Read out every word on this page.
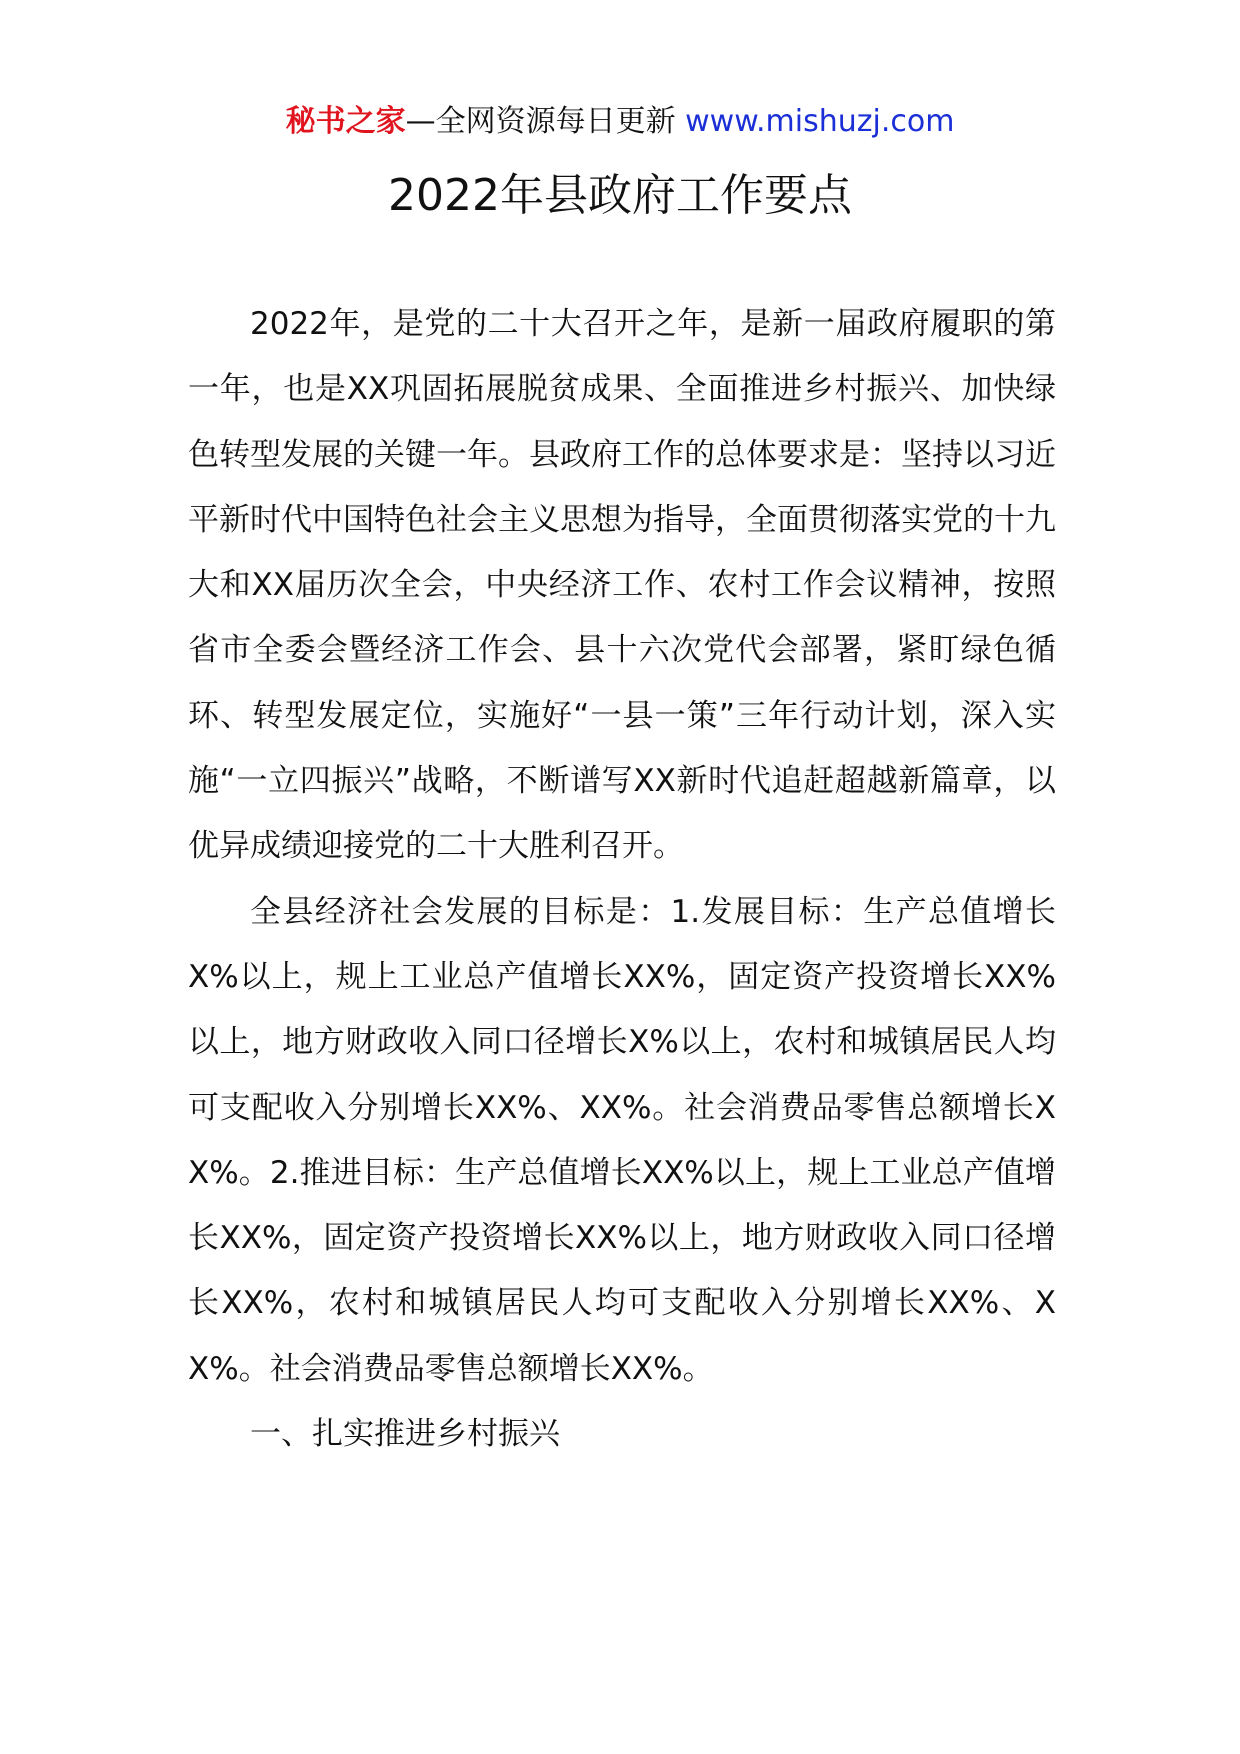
秘书之家—全网资源每日更新 www.mishuzj.com
2022年县政府工作要点

2022年，是党的二十大召开之年，是新一届政府履职的第一年，也是XX巩固拓展脱贫成果、全面推进乡村振兴、加快绿色转型发展的关键一年。县政府工作的总体要求是：坚持以习近平新时代中国特色社会主义思想为指导，全面贯彻落实党的十九大和XX届历次全会，中央经济工作、农村工作会议精神，按照省市全委会暨经济工作会、县十六次党代会部署，紧盯绿色循环、转型发展定位，实施好“一县一策”三年行动计划，深入实施“一立四振兴”战略，不断谱写XX新时代追赶超越新篇章，以优异成绩迎接党的二十大胜利召开。

全县经济社会发展的目标是：1.发展目标：生产总值增长X%以上，规上工业总产值增长XX%，固定资产投资增长XX%以上，地方财政收入同口径增长X%以上，农村和城镇居民人均可支配收入分别增长XX%、XX%。社会消费品零售总额增长XX%。2.推进目标：生产总值增长XX%以上，规上工业总产值增长XX%，固定资产投资增长XX%以上，地方财政收入同口径增长XX%，农村和城镇居民人均可支配收入分别增长XX%、XX%。社会消费品零售总额增长XX%。

一、扎实推进乡村振兴
